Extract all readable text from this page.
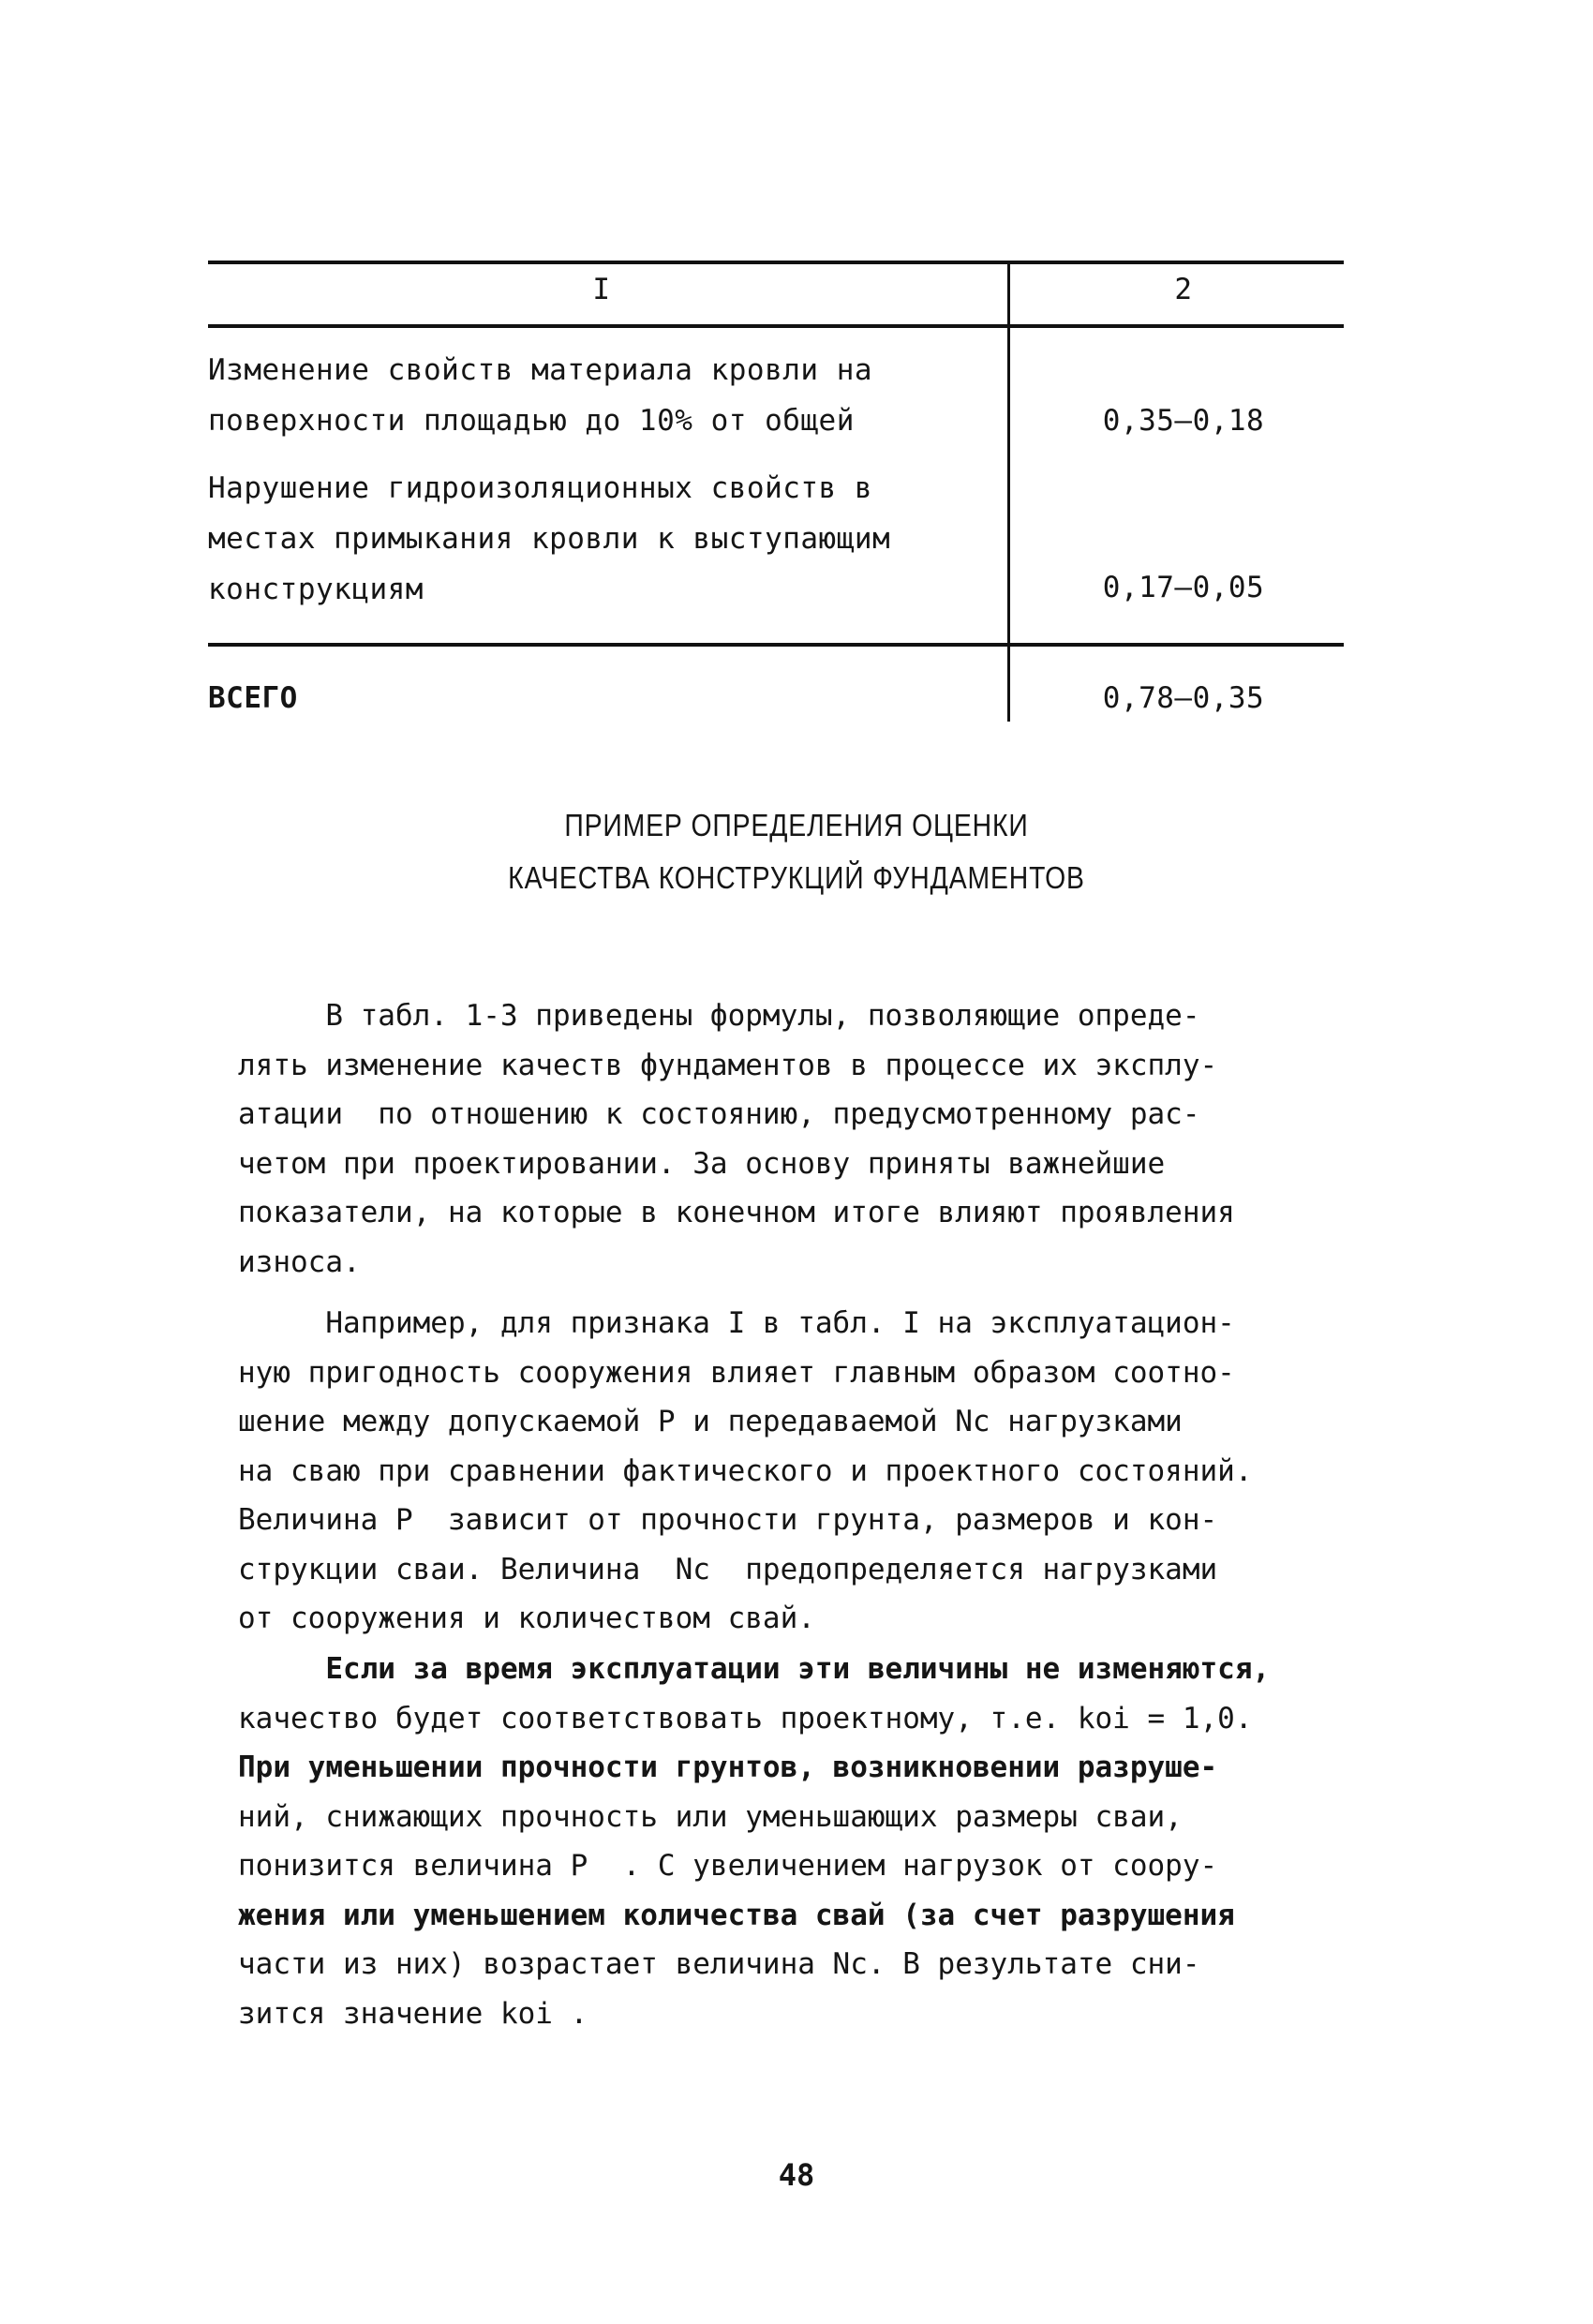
I	2
Изменение свойств материала кровли на
поверхности площадью до 10% от общей	0,35–0,18
Нарушение гидроизоляционных свойств в
местах примыкания кровли к выступающим
конструкциям	0,17–0,05
ВСЕГО	0,78–0,35
ПРИМЕР ОПРЕДЕЛЕНИЯ ОЦЕНКИ
КАЧЕСТВА КОНСТРУКЦИЙ ФУНДАМЕНТОВ
В табл. 1-3 приведены формулы, позволяющие опреде-
лять изменение качеств фундаментов в процессе их эксплу-
атации  по отношению к состоянию, предусмотренному рас-
четом при проектировании. За основу приняты важнейшие
показатели, на которые в конечном итоге влияют проявления
износа.
Например, для признака I в табл. I на эксплуатацион-
ную пригодность сооружения влияет главным образом соотно-
шение между допускаемой P и передаваемой Nc нагрузками
на сваю при сравнении фактического и проектного состояний.
Величина P  зависит от прочности грунта, размеров и кон-
струкции сваи. Величина  Nc  предопределяется нагрузками
от сооружения и количеством свай.
Если за время эксплуатации эти величины не изменяются,
качество будет соответствовать проектному, т.е. koi = 1,0.
При уменьшении прочности грунтов, возникновении разруше-
ний, снижающих прочность или уменьшающих размеры сваи,
понизится величина P  . С увеличением нагрузок от соору-
жения или уменьшением количества свай (за счет разрушения
части из них) возрастает величина Nc. В результате сни-
зится значение koi .
48
